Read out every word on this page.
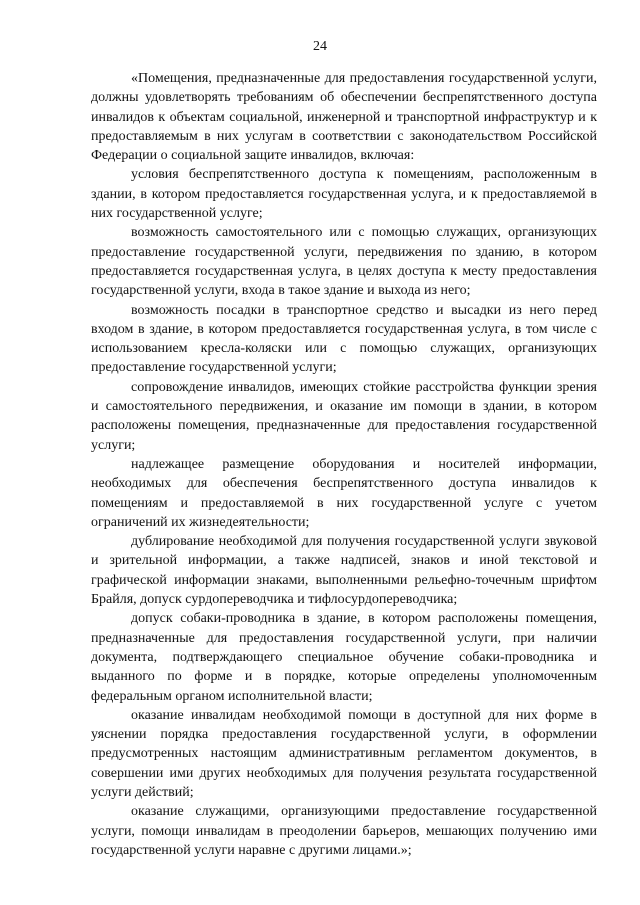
24

«Помещения, предназначенные для предоставления государственной услуги, должны удовлетворять требованиям об обеспечении беспрепятственного доступа инвалидов к объектам социальной, инженерной и транспортной инфраструктур и к предоставляемым в них услугам в соответствии с законодательством Российской Федерации о социальной защите инвалидов, включая:

условия беспрепятственного доступа к помещениям, расположенным в здании, в котором предоставляется государственная услуга, и к предоставляемой в них государственной услуге;

возможность самостоятельного или с помощью служащих, организующих предоставление государственной услуги, передвижения по зданию, в котором предоставляется государственная услуга, в целях доступа к месту предоставления государственной услуги, входа в такое здание и выхода из него;

возможность посадки в транспортное средство и высадки из него перед входом в здание, в котором предоставляется государственная услуга, в том числе с использованием кресла-коляски или с помощью служащих, организующих предоставление государственной услуги;

сопровождение инвалидов, имеющих стойкие расстройства функции зрения и самостоятельного передвижения, и оказание им помощи в здании, в котором расположены помещения, предназначенные для предоставления государственной услуги;

надлежащее размещение оборудования и носителей информации, необходимых для обеспечения беспрепятственного доступа инвалидов к помещениям и предоставляемой в них государственной услуге с учетом ограничений их жизнедеятельности;

дублирование необходимой для получения государственной услуги звуковой и зрительной информации, а также надписей, знаков и иной текстовой и графической информации знаками, выполненными рельефно-точечным шрифтом Брайля, допуск сурдопереводчика и тифлосурдопереводчика;

допуск собаки-проводника в здание, в котором расположены помещения, предназначенные для предоставления государственной услуги, при наличии документа, подтверждающего специальное обучение собаки-проводника и выданного по форме и в порядке, которые определены уполномоченным федеральным органом исполнительной власти;

оказание инвалидам необходимой помощи в доступной для них форме в уяснении порядка предоставления государственной услуги, в оформлении предусмотренных настоящим административным регламентом документов, в совершении ими других необходимых для получения результата государственной услуги действий;

оказание служащими, организующими предоставление государственной услуги, помощи инвалидам в преодолении барьеров, мешающих получению ими государственной услуги наравне с другими лицами.»;
